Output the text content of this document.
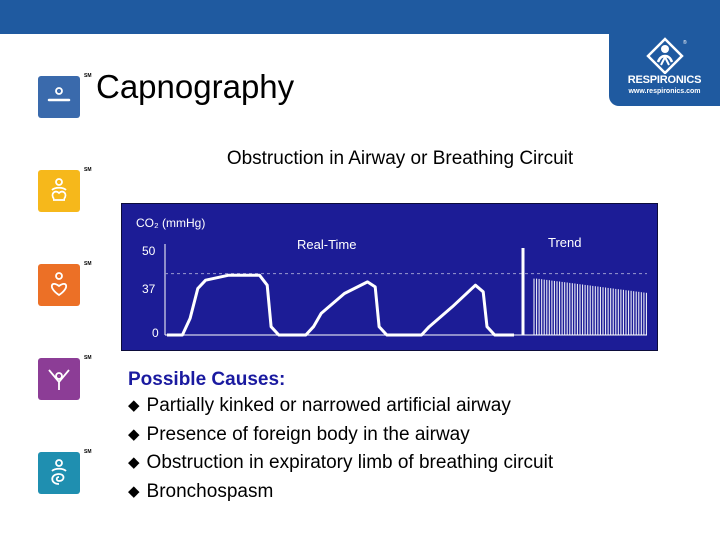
®
RESPIRONICS
www.respironics.com
SM
SM
SM
SM
SM
Capnography
Obstruction in Airway or Breathing Circuit
CO₂ (mmHg)
Real-Time	Trend
50
37
0
Possible Causes:
◆ Partially kinked or narrowed artificial airway
◆ Presence of foreign body in the airway
◆ Obstruction in expiratory limb of breathing circuit
◆ Bronchospasm
